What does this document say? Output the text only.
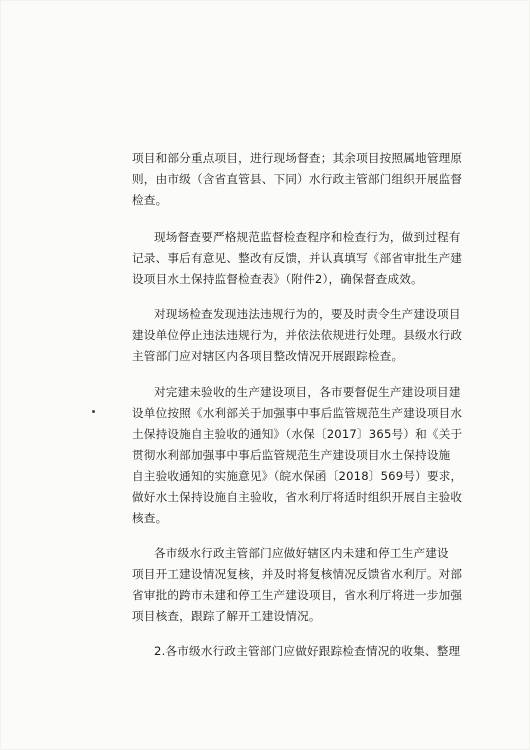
项目和部分重点项目，进行现场督查；其余项目按照属地管理原
则，由市级（含省直管县、下同）水行政主管部门组织开展监督
检查。
现场督查要严格规范监督检查程序和检查行为，做到过程有
记录、事后有意见、整改有反馈，并认真填写《部省审批生产建
设项目水土保持监督检查表》（附件2），确保督查成效。
对现场检查发现违法违规行为的，要及时责令生产建设项目
建设单位停止违法违规行为，并依法依规进行处理。县级水行政
主管部门应对辖区内各项目整改情况开展跟踪检查。
对完建未验收的生产建设项目，各市要督促生产建设项目建
设单位按照《水利部关于加强事中事后监管规范生产建设项目水
土保持设施自主验收的通知》（水保〔2017〕365号）和《关于
贯彻水利部加强事中事后监管规范生产建设项目水土保持设施
自主验收通知的实施意见》（皖水保函〔2018〕569号）要求，
做好水土保持设施自主验收，省水利厅将适时组织开展自主验收
核查。
各市级水行政主管部门应做好辖区内未建和停工生产建设
项目开工建设情况复核，并及时将复核情况反馈省水利厅。对部
省审批的跨市未建和停工生产建设项目，省水利厅将进一步加强
项目核查，跟踪了解开工建设情况。
2.各市级水行政主管部门应做好跟踪检查情况的收集、整理
